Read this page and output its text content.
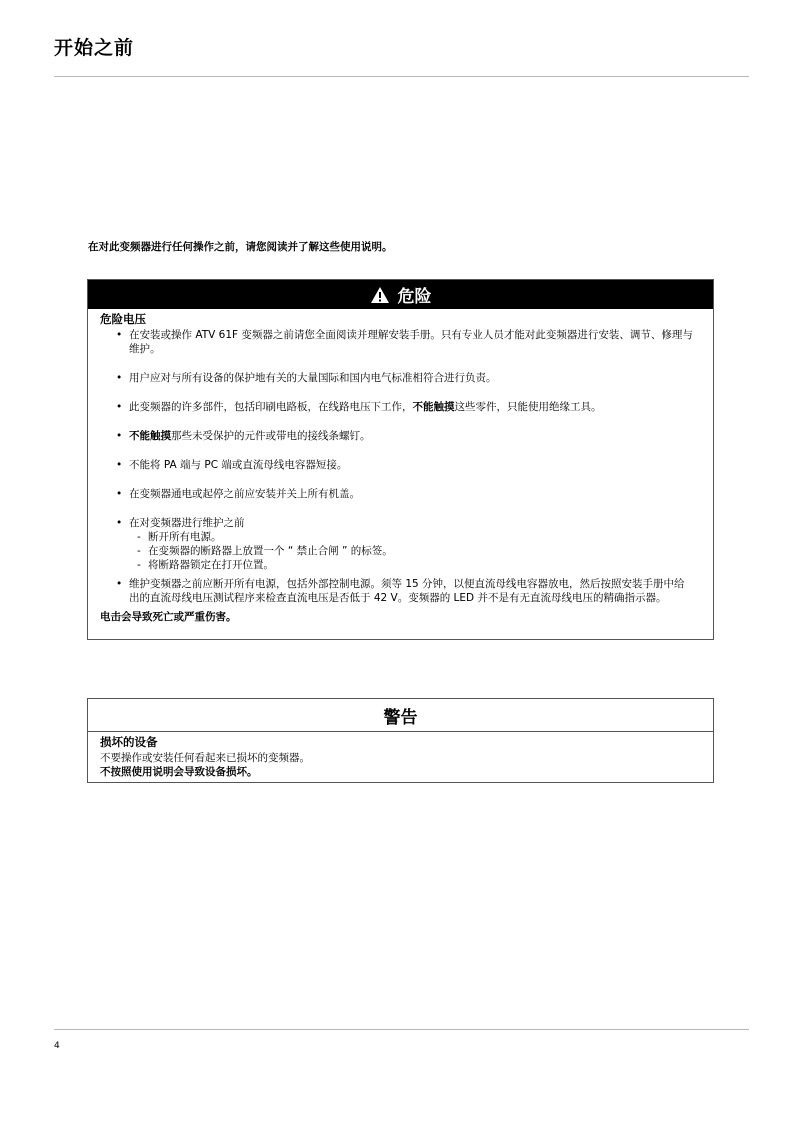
开始之前
在对此变频器进行任何操作之前，请您阅读并了解这些使用说明。
危险
危险电压
• 在安装或操作 ATV 61F 变频器之前请您全面阅读并理解安装手册。只有专业人员才能对此变频器进行安装、调节、修理与维护。
• 用户应对与所有设备的保护地有关的大量国际和国内电气标准相符合进行负责。
• 此变频器的许多部件，包括印刷电路板，在线路电压下工作，不能触摸这些零件，只能使用绝缘工具。
• 不能触摸那些未受保护的元件或带电的接线条螺钉。
• 不能将 PA 端与 PC 端或直流母线电容器短接。
• 在变频器通电或起停之前应安装并关上所有机盖。
• 在对变频器进行维护之前
- 断开所有电源。
- 在变频器的断路器上放置一个 “ 禁止合闸 ” 的标签。
- 将断路器锁定在打开位置。
• 维护变频器之前应断开所有电源，包括外部控制电源。须等 15 分钟，以便直流母线电容器放电，然后按照安装手册中给出的直流母线电压测试程序来检查直流电压是否低于 42 V。变频器的 LED 并不是有无直流母线电压的精确指示器。
电击会导致死亡或严重伤害。
警告
损坏的设备
不要操作或安装任何看起来已损坏的变频器。
不按照使用说明会导致设备损坏。
4
